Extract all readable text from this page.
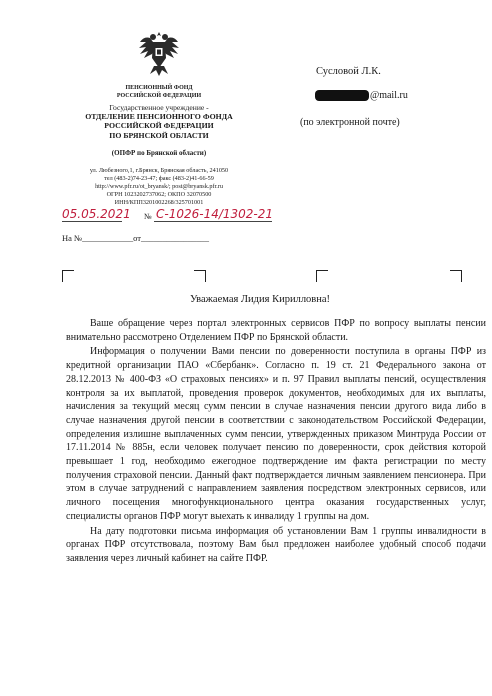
ПЕНСИОННЫЙ ФОНД
РОССИЙСКОЙ ФЕДЕРАЦИИ
Государственное учреждение -
ОТДЕЛЕНИЕ ПЕНСИОННОГО ФОНДА
РОССИЙСКОЙ ФЕДЕРАЦИИ
ПО БРЯНСКОЙ ОБЛАСТИ
(ОПФР по Брянской области)
ул. Любезного,1, г.Брянск, Брянская область, 241050
тел (483-2)74-23-47; факс (483-2)41-66-59
http://www.pfr.ru/ot_bryansk/; post@bryansk.pfr.ru
ОГРН 1023202737062; ОКПО 32070500
ИНН/КПП3201002268/325701001
05.05.2021 № С-1026-14/1302-21
На №____________от________________
Сусловой Л.К.
@mail.ru
(по электронной почте)
Уважаемая Лидия Кирилловна!

Ваше обращение через портал электронных сервисов ПФР по вопросу выплаты пенсии внимательно рассмотрено Отделением ПФР по Брянской области.

Информация о получении Вами пенсии по доверенности поступила в органы ПФР из кредитной организации ПАО «Сбербанк». Согласно п. 19 ст. 21 Федерального закона от 28.12.2013 № 400-ФЗ «О страховых пенсиях» и п. 97 Правил выплаты пенсий, осуществления контроля за их выплатой, проведения проверок документов, необходимых для их выплаты, начисления за текущий месяц сумм пенсии в случае назначения пенсии другого вида либо в случае назначения другой пенсии в соответствии с законодательством Российской Федерации, определения излишне выплаченных сумм пенсии, утвержденных приказом Минтруда России от 17.11.2014 № 885н, если человек получает пенсию по доверенности, срок действия которой превышает 1 год, необходимо ежегодное подтверждение им факта регистрации по месту получения страховой пенсии. Данный факт подтверждается личным заявлением пенсионера. При этом в случае затруднений с направлением заявления посредством электронных сервисов, или личного посещения многофункционального центра оказания государственных услуг, специалисты органов ПФР могут выехать к инвалиду 1 группы на дом.

На дату подготовки письма информация об установлении Вам 1 группы инвалидности в органах ПФР отсутствовала, поэтому Вам был предложен наиболее удобный способ подачи заявления через личный кабинет на сайте ПФР.
